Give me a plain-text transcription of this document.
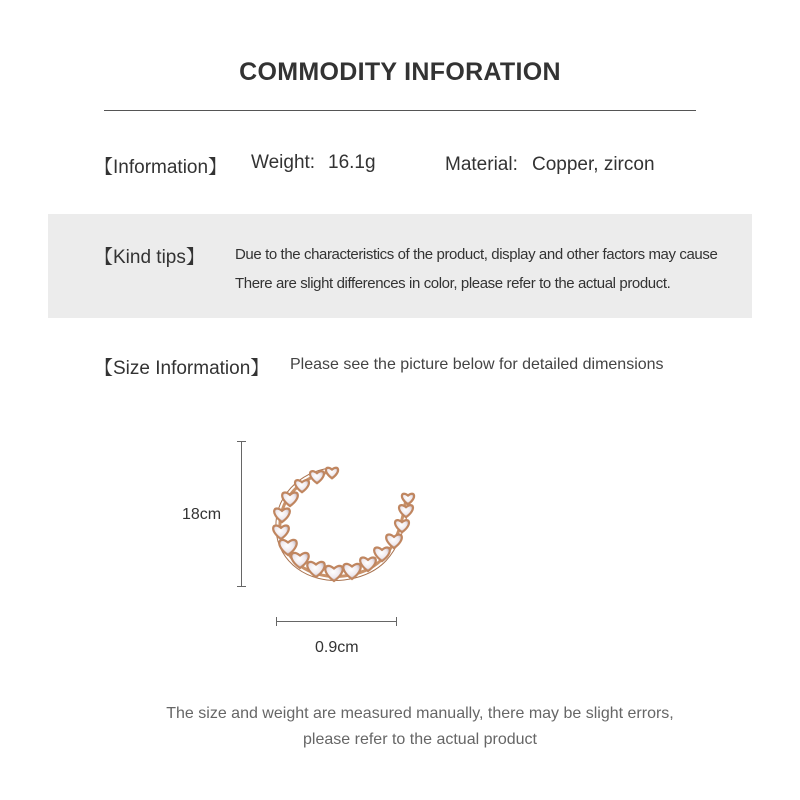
COMMODITY INFORATION
【Information】 Weight: 16.1g	Material: Copper, zircon
【Kind tips】 Due to the characteristics of the product, display and other factors may cause
There are slight differences in color, please refer to the actual product.
【Size Information】 Please see the picture below for detailed dimensions
18cm
0.9cm
The size and weight are measured manually, there may be slight errors,
please refer to the actual product
